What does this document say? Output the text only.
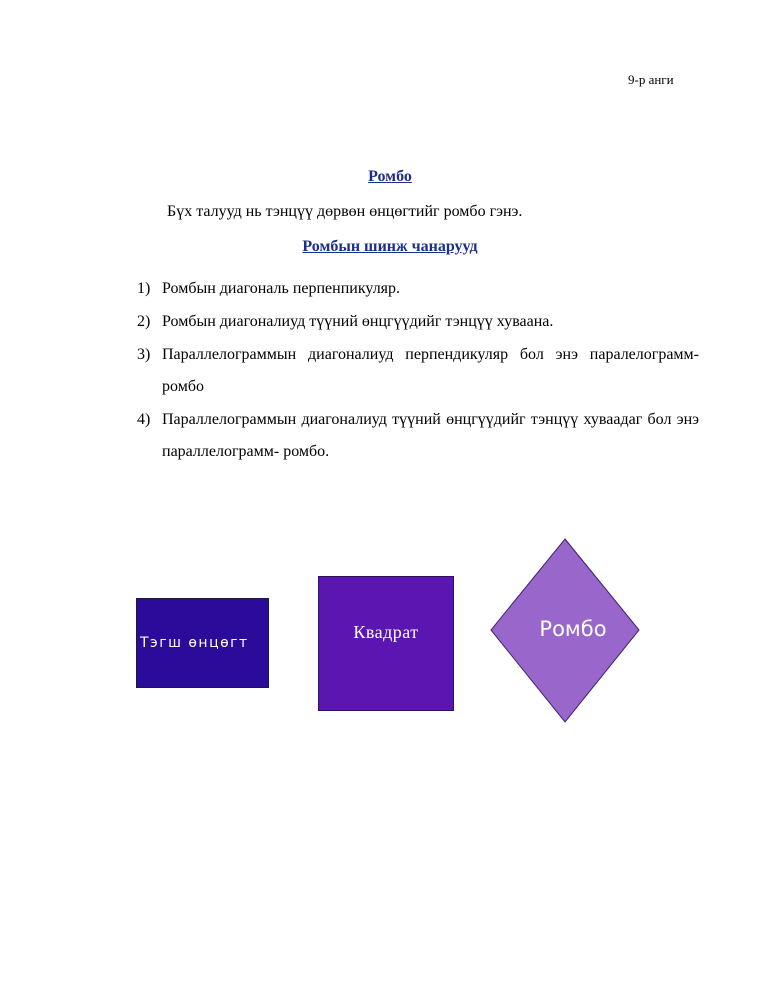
9-р анги
Ромбо
Бүх талууд нь тэнцүү дөрвөн өнцөгтийг ромбо гэнэ.
Ромбын шинж чанарууд
1) Ромбын диагональ перпенпикуляр.
2) Ромбын диагоналиуд түүний өнцгүүдийг тэнцүү хуваана.
3) Параллелограммын диагоналиуд перпендикуляр бол энэ паралелограмм- ромбо
4) Параллелограммын диагоналиуд түүний өнцгүүдийг тэнцүү хуваадаг бол энэ параллелограмм- ромбо.
Тэгш өнцөгт
Квадрат	Ромбо
